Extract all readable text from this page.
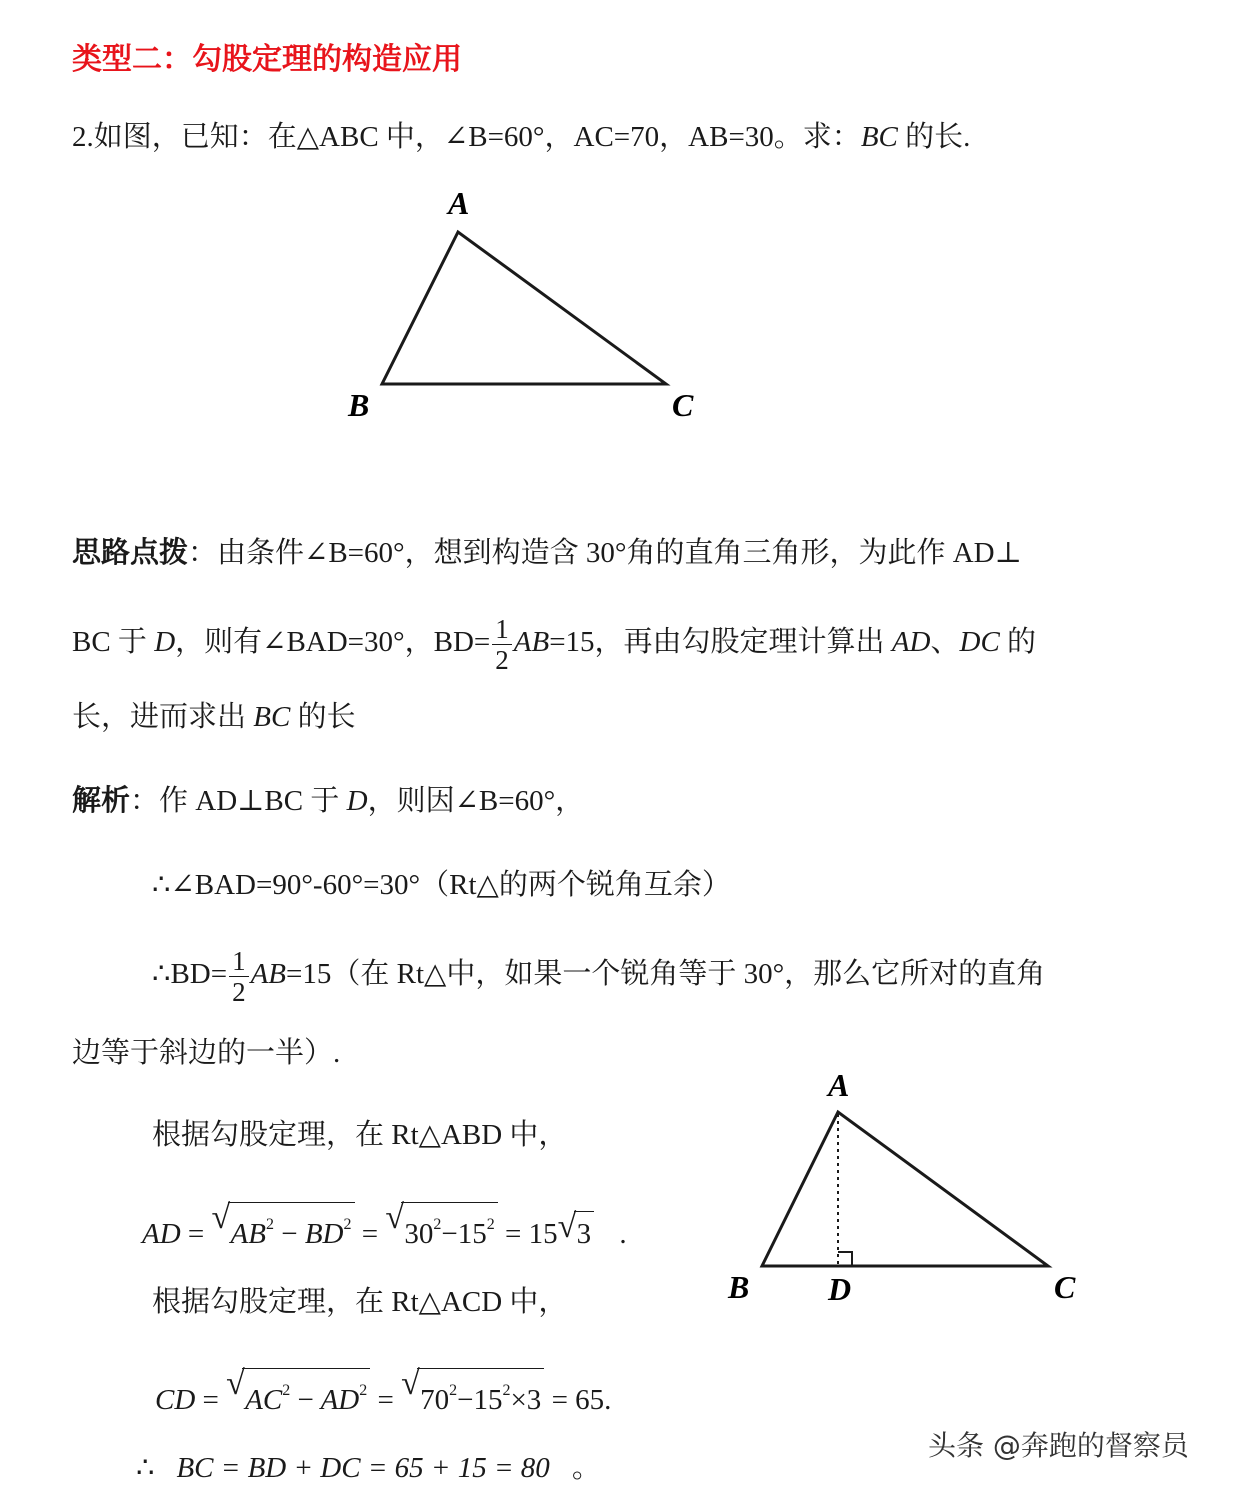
类型二：勾股定理的构造应用
2.如图，已知：在△ABC 中，∠B=60°，AC=70，AB=30。求：BC 的长.
A
B	C
思路点拨：由条件∠B=60°，想到构造含 30°角的直角三角形，为此作 AD⊥
BC 于 D，则有∠BAD=30°，$BD= \frac{1}{2} AB=15$，再由勾股定理计算出 AD、DC 的
长，进而求出 BC 的长
解析：作 AD⊥BC 于 D，则因∠B=60°，
∴∠BAD=90°-60°=30°（Rt△的两个锐角互余）
∴BD= $\frac{1}{2} AB=15$（在 Rt△中，如果一个锐角等于 30°，那么它所对的直角
边等于斜边的一半）.
根据勾股定理，在 Rt△ABD 中，
AD = √ $AB^2 - BD^2$ = √ $30^2-15^2 = 15$ √ 3 .
根据勾股定理，在 Rt△ACD 中，
CD = √ $AC^2 - AD^2$ = √ $70^2-15^2\times 3 = 65$.
∴ BC = BD + DC = 65 + 15 = 80 。
A
B D	C
头条 @奔跑的督察员
